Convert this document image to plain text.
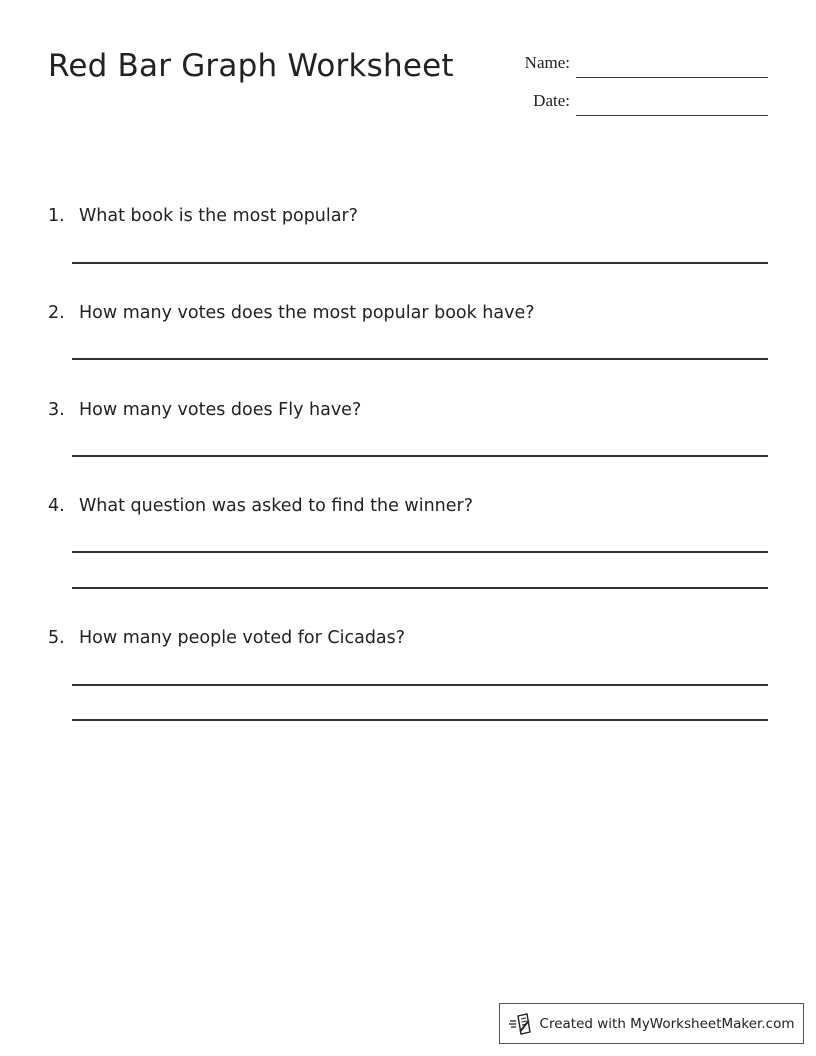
Red Bar Graph Worksheet	Name:
Date:
1. What book is the most popular?
2. How many votes does the most popular book have?
3. How many votes does Fly have?
4. What question was asked to find the winner?
5. How many people voted for Cicadas?
Created with MyWorksheetMaker.com
